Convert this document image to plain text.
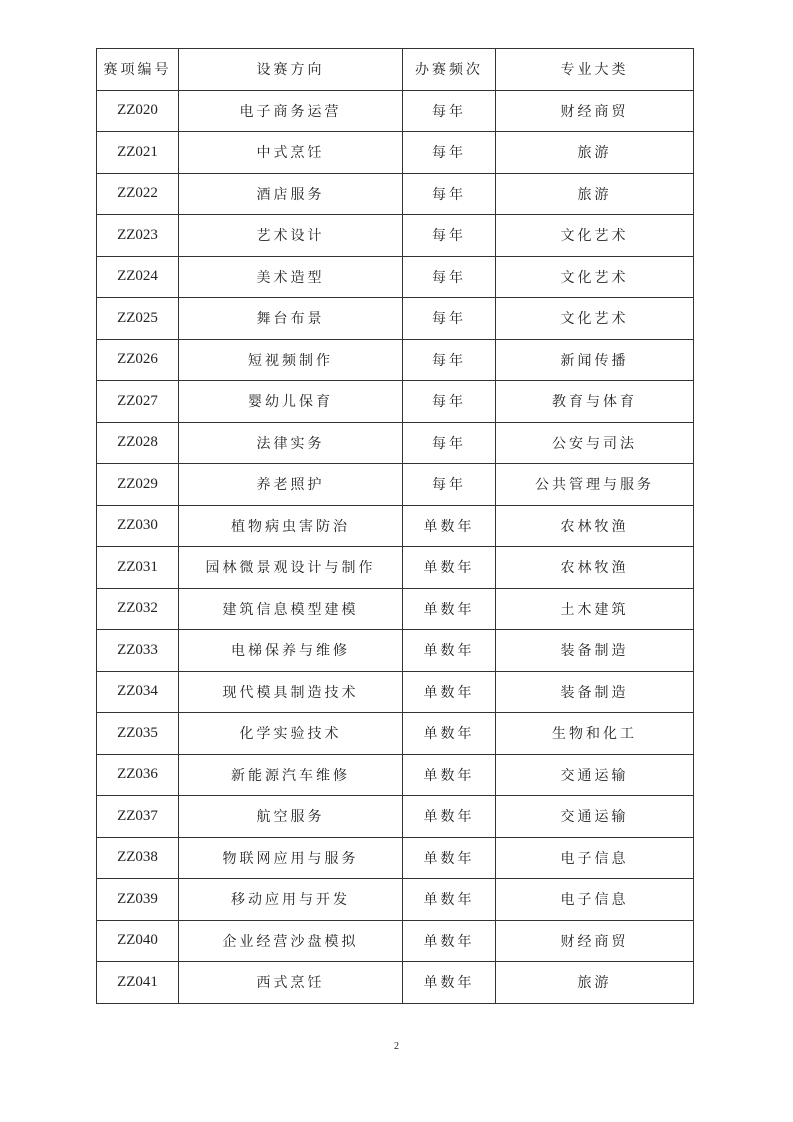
赛项编号	设赛方向	办赛频次	专业大类
ZZ020	电子商务运营	每年	财经商贸
ZZ021	中式烹饪	每年	旅游
ZZ022	酒店服务	每年	旅游
ZZ023	艺术设计	每年	文化艺术
ZZ024	美术造型	每年	文化艺术
ZZ025	舞台布景	每年	文化艺术
ZZ026	短视频制作	每年	新闻传播
ZZ027	婴幼儿保育	每年	教育与体育
ZZ028	法律实务	每年	公安与司法
ZZ029	养老照护	每年	公共管理与服务
ZZ030	植物病虫害防治	单数年	农林牧渔
ZZ031	园林微景观设计与制作	单数年	农林牧渔
ZZ032	建筑信息模型建模	单数年	土木建筑
ZZ033	电梯保养与维修	单数年	装备制造
ZZ034	现代模具制造技术	单数年	装备制造
ZZ035	化学实验技术	单数年	生物和化工
ZZ036	新能源汽车维修	单数年	交通运输
ZZ037	航空服务	单数年	交通运输
ZZ038	物联网应用与服务	单数年	电子信息
ZZ039	移动应用与开发	单数年	电子信息
ZZ040	企业经营沙盘模拟	单数年	财经商贸
ZZ041	西式烹饪	单数年	旅游
2
